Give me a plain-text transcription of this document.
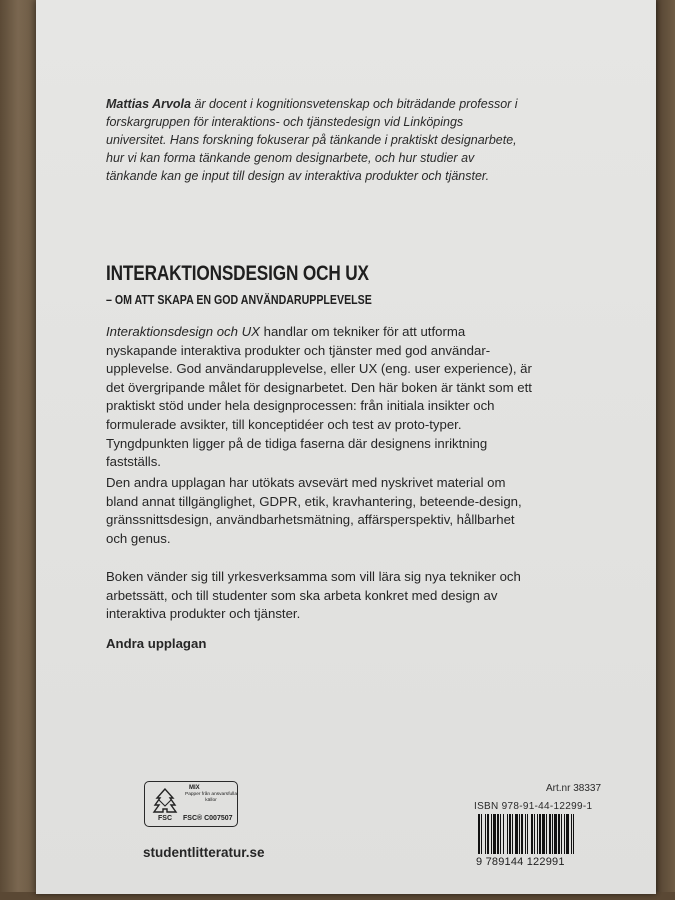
Mattias Arvola är docent i kognitionsvetenskap och biträdande professor i forskargruppen för interaktions- och tjänstedesign vid Linköpings universitet. Hans forskning fokuserar på tänkande i praktiskt designarbete, hur vi kan forma tänkande genom designarbete, och hur studier av tänkande kan ge input till design av interaktiva produkter och tjänster.

INTERAKTIONSDESIGN OCH UX
– OM ATT SKAPA EN GOD ANVÄNDARUPPLEVELSE

Interaktionsdesign och UX handlar om tekniker för att utforma nyskapande interaktiva produkter och tjänster med god användar-upplevelse. God användarupplevelse, eller UX (eng. user experience), är det övergripande målet för designarbetet. Den här boken är tänkt som ett praktiskt stöd under hela designprocessen: från initiala insikter och formulerade avsikter, till konceptidéer och test av proto-typer. Tyngdpunkten ligger på de tidiga faserna där designens inriktning fastställs.

Den andra upplagan har utökats avsevärt med nyskrivet material om bland annat tillgänglighet, GDPR, etik, kravhantering, beteende-design, gränssnittsdesign, användbarhetsmätning, affärsperspektiv, hållbarhet och genus.

Boken vänder sig till yrkesverksamma som vill lära sig nya tekniker och arbetssätt, och till studenter som ska arbeta konkret med design av interaktiva produkter och tjänster.

Andra upplagan

FSC
MIX
Papper från ansvarsfulla källor
FSC® C007507

studentlitteratur.se

Art.nr 38337

ISBN 978-91-44-12299-1

9 789144 122991
